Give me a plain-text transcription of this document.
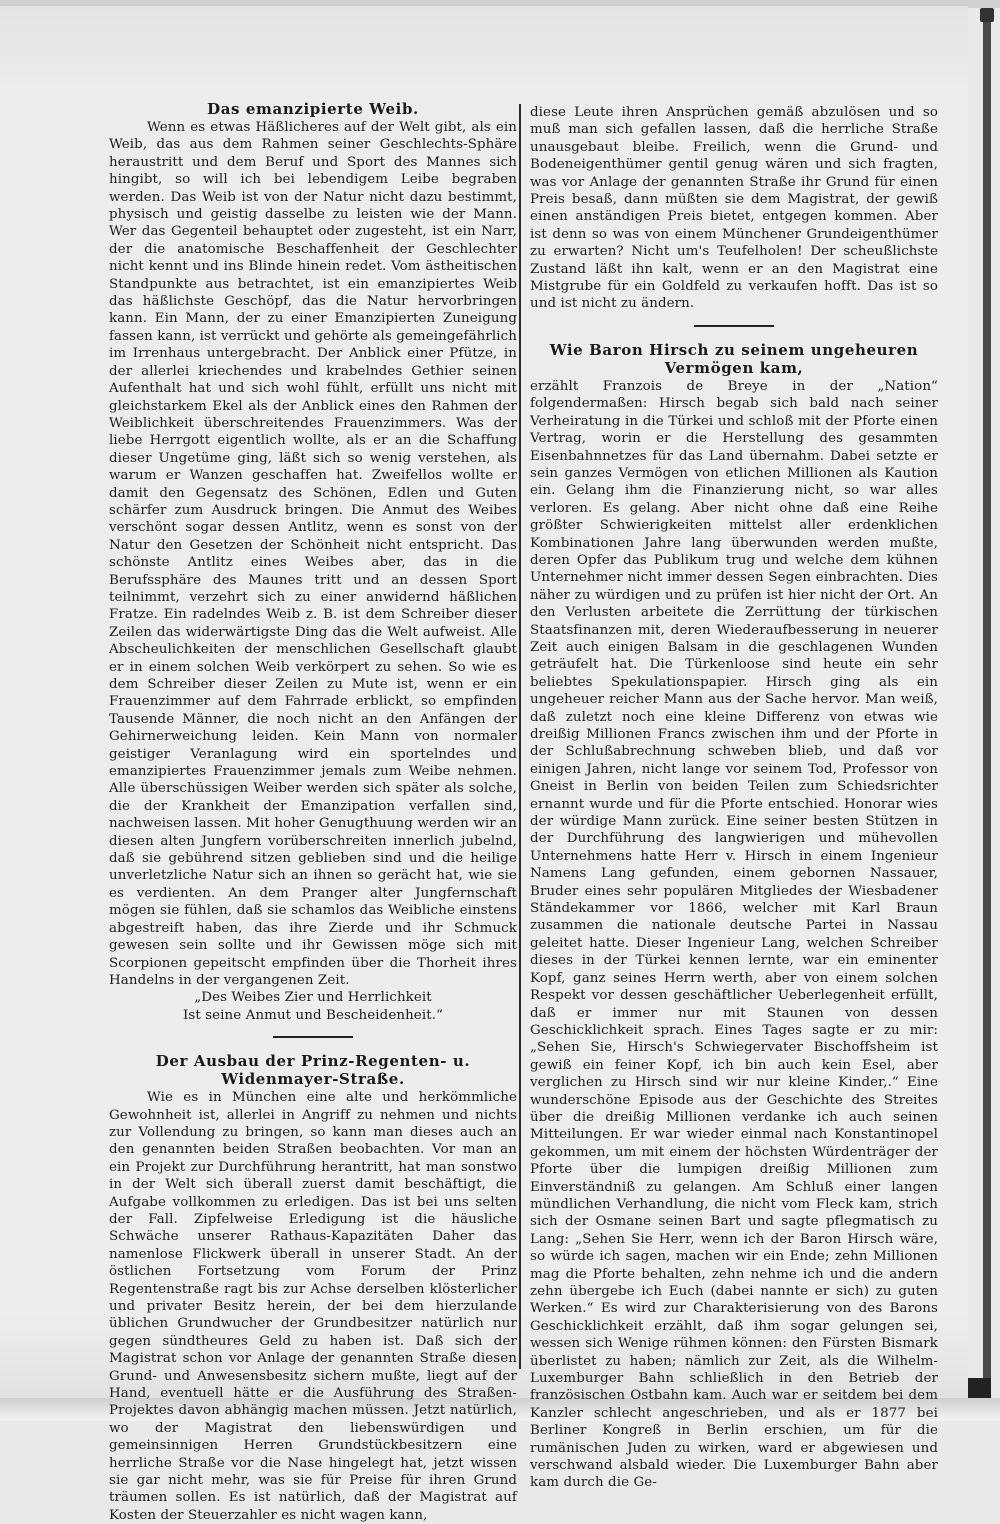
Das emanzipierte Weib.

Wenn es etwas Häßlicheres auf der Welt gibt, als ein Weib, das aus dem Rahmen seiner Geschlechts-Sphäre heraustritt und dem Beruf und Sport des Mannes sich hingibt, so will ich bei lebendigem Leibe begraben werden. Das Weib ist von der Natur nicht dazu bestimmt, physisch und geistig dasselbe zu leisten wie der Mann. Wer das Gegenteil behauptet oder zugesteht, ist ein Narr, der die anatomische Beschaffenheit der Geschlechter nicht kennt und ins Blinde hinein redet. Vom ästheitischen Standpunkte aus betrachtet, ist ein emanzipiertes Weib das häßlichste Geschöpf, das die Natur hervorbringen kann. Ein Mann, der zu einer Emanzipierten Zuneigung fassen kann, ist verrückt und gehörte als gemeingefährlich im Irrenhaus untergebracht. Der Anblick einer Pfütze, in der allerlei kriechendes und krabelndes Gethier seinen Aufenthalt hat und sich wohl fühlt, erfüllt uns nicht mit gleichstarkem Ekel als der Anblick eines den Rahmen der Weiblichkeit überschreitendes Frauenzimmers. Was der liebe Herrgott eigentlich wollte, als er an die Schaffung dieser Ungetüme ging, läßt sich so wenig verstehen, als warum er Wanzen geschaffen hat. Zweifellos wollte er damit den Gegensatz des Schönen, Edlen und Guten schärfer zum Ausdruck bringen. Die Anmut des Weibes verschönt sogar dessen Antlitz, wenn es sonst von der Natur den Gesetzen der Schönheit nicht entspricht. Das schönste Antlitz eines Weibes aber, das in die Berufssphäre des Maunes tritt und an dessen Sport teilnimmt, verzehrt sich zu einer anwidernd häßlichen Fratze. Ein radelndes Weib z. B. ist dem Schreiber dieser Zeilen das widerwärtigste Ding das die Welt aufweist. Alle Abscheulichkeiten der menschlichen Gesellschaft glaubt er in einem solchen Weib verkörpert zu sehen. So wie es dem Schreiber dieser Zeilen zu Mute ist, wenn er ein Frauenzimmer auf dem Fahrrade erblickt, so empfinden Tausende Männer, die noch nicht an den Anfängen der Gehirnerweichung leiden. Kein Mann von normaler geistiger Veranlagung wird ein sportelndes und emanzipiertes Frauenzimmer jemals zum Weibe nehmen. Alle überschüssigen Weiber werden sich später als solche, die der Krankheit der Emanzipation verfallen sind, nachweisen lassen. Mit hoher Genugthuung werden wir an diesen alten Jungfern vorüberschreiten innerlich jubelnd, daß sie gebührend sitzen geblieben sind und die heilige unverletzliche Natur sich an ihnen so gerächt hat, wie sie es verdienten. An dem Pranger alter Jungfernschaft mögen sie fühlen, daß sie schamlos das Weibliche einstens abgestreift haben, das ihre Zierde und ihr Schmuck gewesen sein sollte und ihr Gewissen möge sich mit Scorpionen gepeitscht empfinden über die Thorheit ihres Handelns in der vergangenen Zeit.

„Des Weibes Zier und Herrlichkeit

Ist seine Anmut und Bescheidenheit.“

Der Ausbau der Prinz-Regenten- u. Widenmayer-Straße.

Wie es in München eine alte und herkömmliche Gewohnheit ist, allerlei in Angriff zu nehmen und nichts zur Vollendung zu bringen, so kann man dieses auch an den genannten beiden Straßen beobachten. Vor man an ein Projekt zur Durchführung herantritt, hat man sonstwo in der Welt sich überall zuerst damit beschäftigt, die Aufgabe vollkommen zu erledigen. Das ist bei uns selten der Fall. Zipfelweise Erledigung ist die häusliche Schwäche unserer Rathaus-Kapazitäten Daher das namenlose Flickwerk überall in unserer Stadt. An der östlichen Fortsetzung vom Forum der Prinz Regentenstraße ragt bis zur Achse derselben klösterlicher und privater Besitz herein, der bei dem hierzulande üblichen Grundwucher der Grundbesitzer natürlich nur gegen sündtheures Geld zu haben ist. Daß sich der Magistrat schon vor Anlage der genannten Straße diesen Grund- und Anwesensbesitz sichern mußte, liegt auf der Hand, eventuell hätte er die Ausführung des Straßen-Projektes davon abhängig machen müssen. Jetzt natürlich, wo der Magistrat den liebenswürdigen und gemeinsinnigen Herren Grundstückbesitzern eine herrliche Straße vor die Nase hingelegt hat, jetzt wissen sie gar nicht mehr, was sie für Preise für ihren Grund träumen sollen. Es ist natürlich, daß der Magistrat auf Kosten der Steuerzahler es nicht wagen kann,

diese Leute ihren Ansprüchen gemäß abzulösen und so muß man sich gefallen lassen, daß die herrliche Straße unausgebaut bleibe. Freilich, wenn die Grund- und Bodeneigenthümer gentil genug wären und sich fragten, was vor Anlage der genannten Straße ihr Grund für einen Preis besaß, dann müßten sie dem Magistrat, der gewiß einen anständigen Preis bietet, entgegen kommen. Aber ist denn so was von einem Münchener Grundeigenthümer zu erwarten? Nicht um's Teufelholen! Der scheußlichste Zustand läßt ihn kalt, wenn er an den Magistrat eine Mistgrube für ein Goldfeld zu verkaufen hofft. Das ist so und ist nicht zu ändern.

Wie Baron Hirsch zu seinem ungeheuren Vermögen kam,

erzählt Franzois de Breye in der „Nation“ folgendermaßen: Hirsch begab sich bald nach seiner Verheiratung in die Türkei und schloß mit der Pforte einen Vertrag, worin er die Herstellung des gesammten Eisenbahnnetzes für das Land übernahm. Dabei setzte er sein ganzes Vermögen von etlichen Millionen als Kaution ein. Gelang ihm die Finanzierung nicht, so war alles verloren. Es gelang. Aber nicht ohne daß eine Reihe größter Schwierigkeiten mittelst aller erdenklichen Kombinationen Jahre lang überwunden werden mußte, deren Opfer das Publikum trug und welche dem kühnen Unternehmer nicht immer dessen Segen einbrachten. Dies näher zu würdigen und zu prüfen ist hier nicht der Ort. An den Verlusten arbeitete die Zerrüttung der türkischen Staatsfinanzen mit, deren Wiederaufbesserung in neuerer Zeit auch einigen Balsam in die geschlagenen Wunden geträufelt hat. Die Türkenloose sind heute ein sehr beliebtes Spekulationspapier. Hirsch ging als ein ungeheuer reicher Mann aus der Sache hervor. Man weiß, daß zuletzt noch eine kleine Differenz von etwas wie dreißig Millionen Francs zwischen ihm und der Pforte in der Schlußabrechnung schweben blieb, und daß vor einigen Jahren, nicht lange vor seinem Tod, Professor von Gneist in Berlin von beiden Teilen zum Schiedsrichter ernannt wurde und für die Pforte entschied. Honorar wies der würdige Mann zurück. Eine seiner besten Stützen in der Durchführung des langwierigen und mühevollen Unternehmens hatte Herr v. Hirsch in einem Ingenieur Namens Lang gefunden, einem gebornen Nassauer, Bruder eines sehr populären Mitgliedes der Wiesbadener Ständekammer vor 1866, welcher mit Karl Braun zusammen die nationale deutsche Partei in Nassau geleitet hatte. Dieser Ingenieur Lang, welchen Schreiber dieses in der Türkei kennen lernte, war ein eminenter Kopf, ganz seines Herrn werth, aber von einem solchen Respekt vor dessen geschäftlicher Ueberlegenheit erfüllt, daß er immer nur mit Staunen von dessen Geschicklichkeit sprach. Eines Tages sagte er zu mir: „Sehen Sie, Hirsch's Schwiegervater Bischoffsheim ist gewiß ein feiner Kopf, ich bin auch kein Esel, aber verglichen zu Hirsch sind wir nur kleine Kinder,.“ Eine wunderschöne Episode aus der Geschichte des Streites über die dreißig Millionen verdanke ich auch seinen Mitteilungen. Er war wieder einmal nach Konstantinopel gekommen, um mit einem der höchsten Würdenträger der Pforte über die lumpigen dreißig Millionen zum Einverständniß zu gelangen. Am Schluß einer langen mündlichen Verhandlung, die nicht vom Fleck kam, strich sich der Osmane seinen Bart und sagte pflegmatisch zu Lang: „Sehen Sie Herr, wenn ich der Baron Hirsch wäre, so würde ich sagen, machen wir ein Ende; zehn Millionen mag die Pforte behalten, zehn nehme ich und die andern zehn übergebe ich Euch (dabei nannte er sich) zu guten Werken.“ Es wird zur Charakterisierung von des Barons Geschicklichkeit erzählt, daß ihm sogar gelungen sei, wessen sich Wenige rühmen können: den Fürsten Bismark überlistet zu haben; nämlich zur Zeit, als die Wilhelm-Luxemburger Bahn schließlich in den Betrieb der französischen Ostbahn kam. Auch war er seitdem bei dem Kanzler schlecht angeschrieben, und als er 1877 bei Berliner Kongreß in Berlin erschien, um für die rumänischen Juden zu wirken, ward er abgewiesen und verschwand alsbald wieder. Die Luxemburger Bahn aber kam durch die Ge-
